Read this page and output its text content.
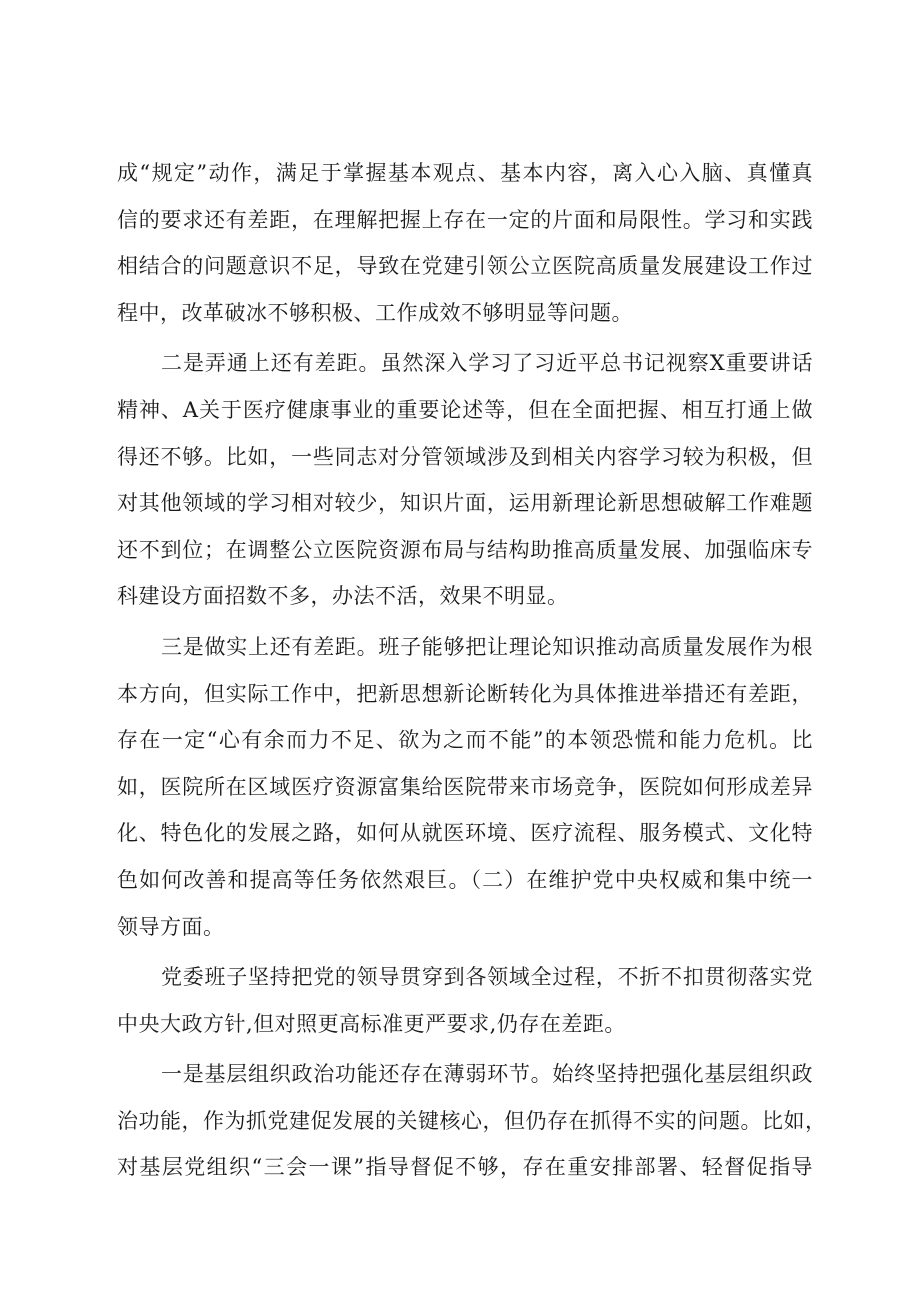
成“规定”动作，满足于掌握基本观点、基本内容，离入心入脑、真懂真
信的要求还有差距，在理解把握上存在一定的片面和局限性。学习和实践
相结合的问题意识不足，导致在党建引领公立医院高质量发展建设工作过
程中，改革破冰不够积极、工作成效不够明显等问题。
二是弄通上还有差距。虽然深入学习了习近平总书记视察X重要讲话
精神、A关于医疗健康事业的重要论述等，但在全面把握、相互打通上做
得还不够。比如，一些同志对分管领域涉及到相关内容学习较为积极，但
对其他领域的学习相对较少，知识片面，运用新理论新思想破解工作难题
还不到位；在调整公立医院资源布局与结构助推高质量发展、加强临床专
科建设方面招数不多，办法不活，效果不明显。
三是做实上还有差距。班子能够把让理论知识推动高质量发展作为根
本方向，但实际工作中，把新思想新论断转化为具体推进举措还有差距，
存在一定“心有余而力不足、欲为之而不能”的本领恐慌和能力危机。比
如，医院所在区域医疗资源富集给医院带来市场竞争，医院如何形成差异
化、特色化的发展之路，如何从就医环境、医疗流程、服务模式、文化特
色如何改善和提高等任务依然艰巨。（二）在维护党中央权威和集中统一
领导方面。
党委班子坚持把党的领导贯穿到各领域全过程，不折不扣贯彻落实党
中央大政方针,但对照更高标准更严要求,仍存在差距。
一是基层组织政治功能还存在薄弱环节。始终坚持把强化基层组织政
治功能，作为抓党建促发展的关键核心，但仍存在抓得不实的问题。比如，
对基层党组织“三会一课”指导督促不够，存在重安排部署、轻督促指导
